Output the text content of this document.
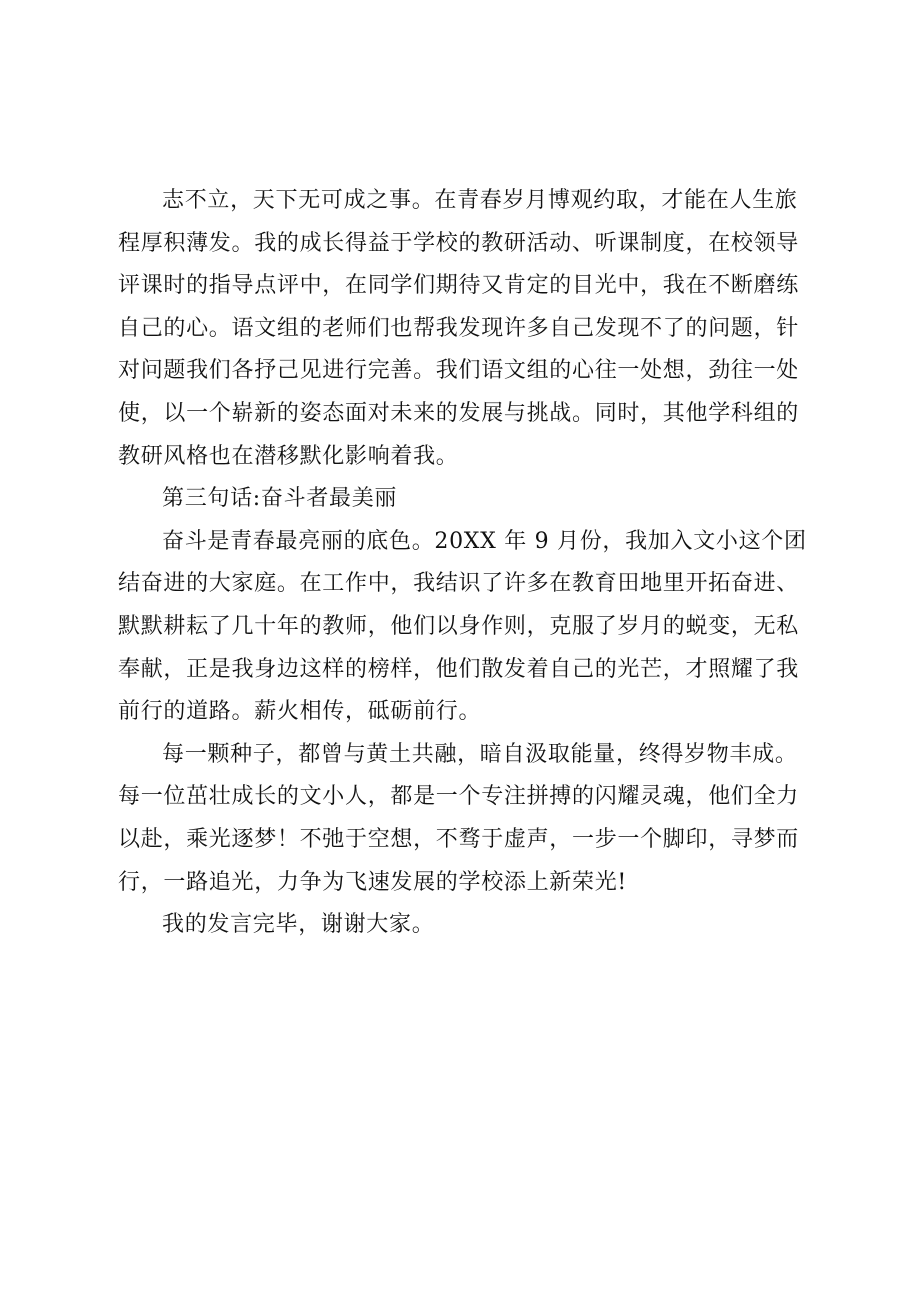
志不立，天下无可成之事。在青春岁月博观约取，才能在人生旅
程厚积薄发。我的成长得益于学校的教研活动、听课制度，在校领导
评课时的指导点评中，在同学们期待又肯定的目光中，我在不断磨练
自己的心。语文组的老师们也帮我发现许多自己发现不了的问题，针
对问题我们各抒己见进行完善。我们语文组的心往一处想，劲往一处
使，以一个崭新的姿态面对未来的发展与挑战。同时，其他学科组的
教研风格也在潜移默化影响着我。
第三句话:奋斗者最美丽
奋斗是青春最亮丽的底色。20XX 年 9 月份，我加入文小这个团
结奋进的大家庭。在工作中，我结识了许多在教育田地里开拓奋进、
默默耕耘了几十年的教师，他们以身作则，克服了岁月的蜕变，无私
奉献，正是我身边这样的榜样，他们散发着自己的光芒，才照耀了我
前行的道路。薪火相传，砥砺前行。
每一颗种子，都曾与黄土共融，暗自汲取能量，终得岁物丰成。
每一位茁壮成长的文小人，都是一个专注拼搏的闪耀灵魂，他们全力
以赴，乘光逐梦！不弛于空想，不骛于虚声，一步一个脚印，寻梦而
行，一路追光，力争为飞速发展的学校添上新荣光!
我的发言完毕，谢谢大家。
